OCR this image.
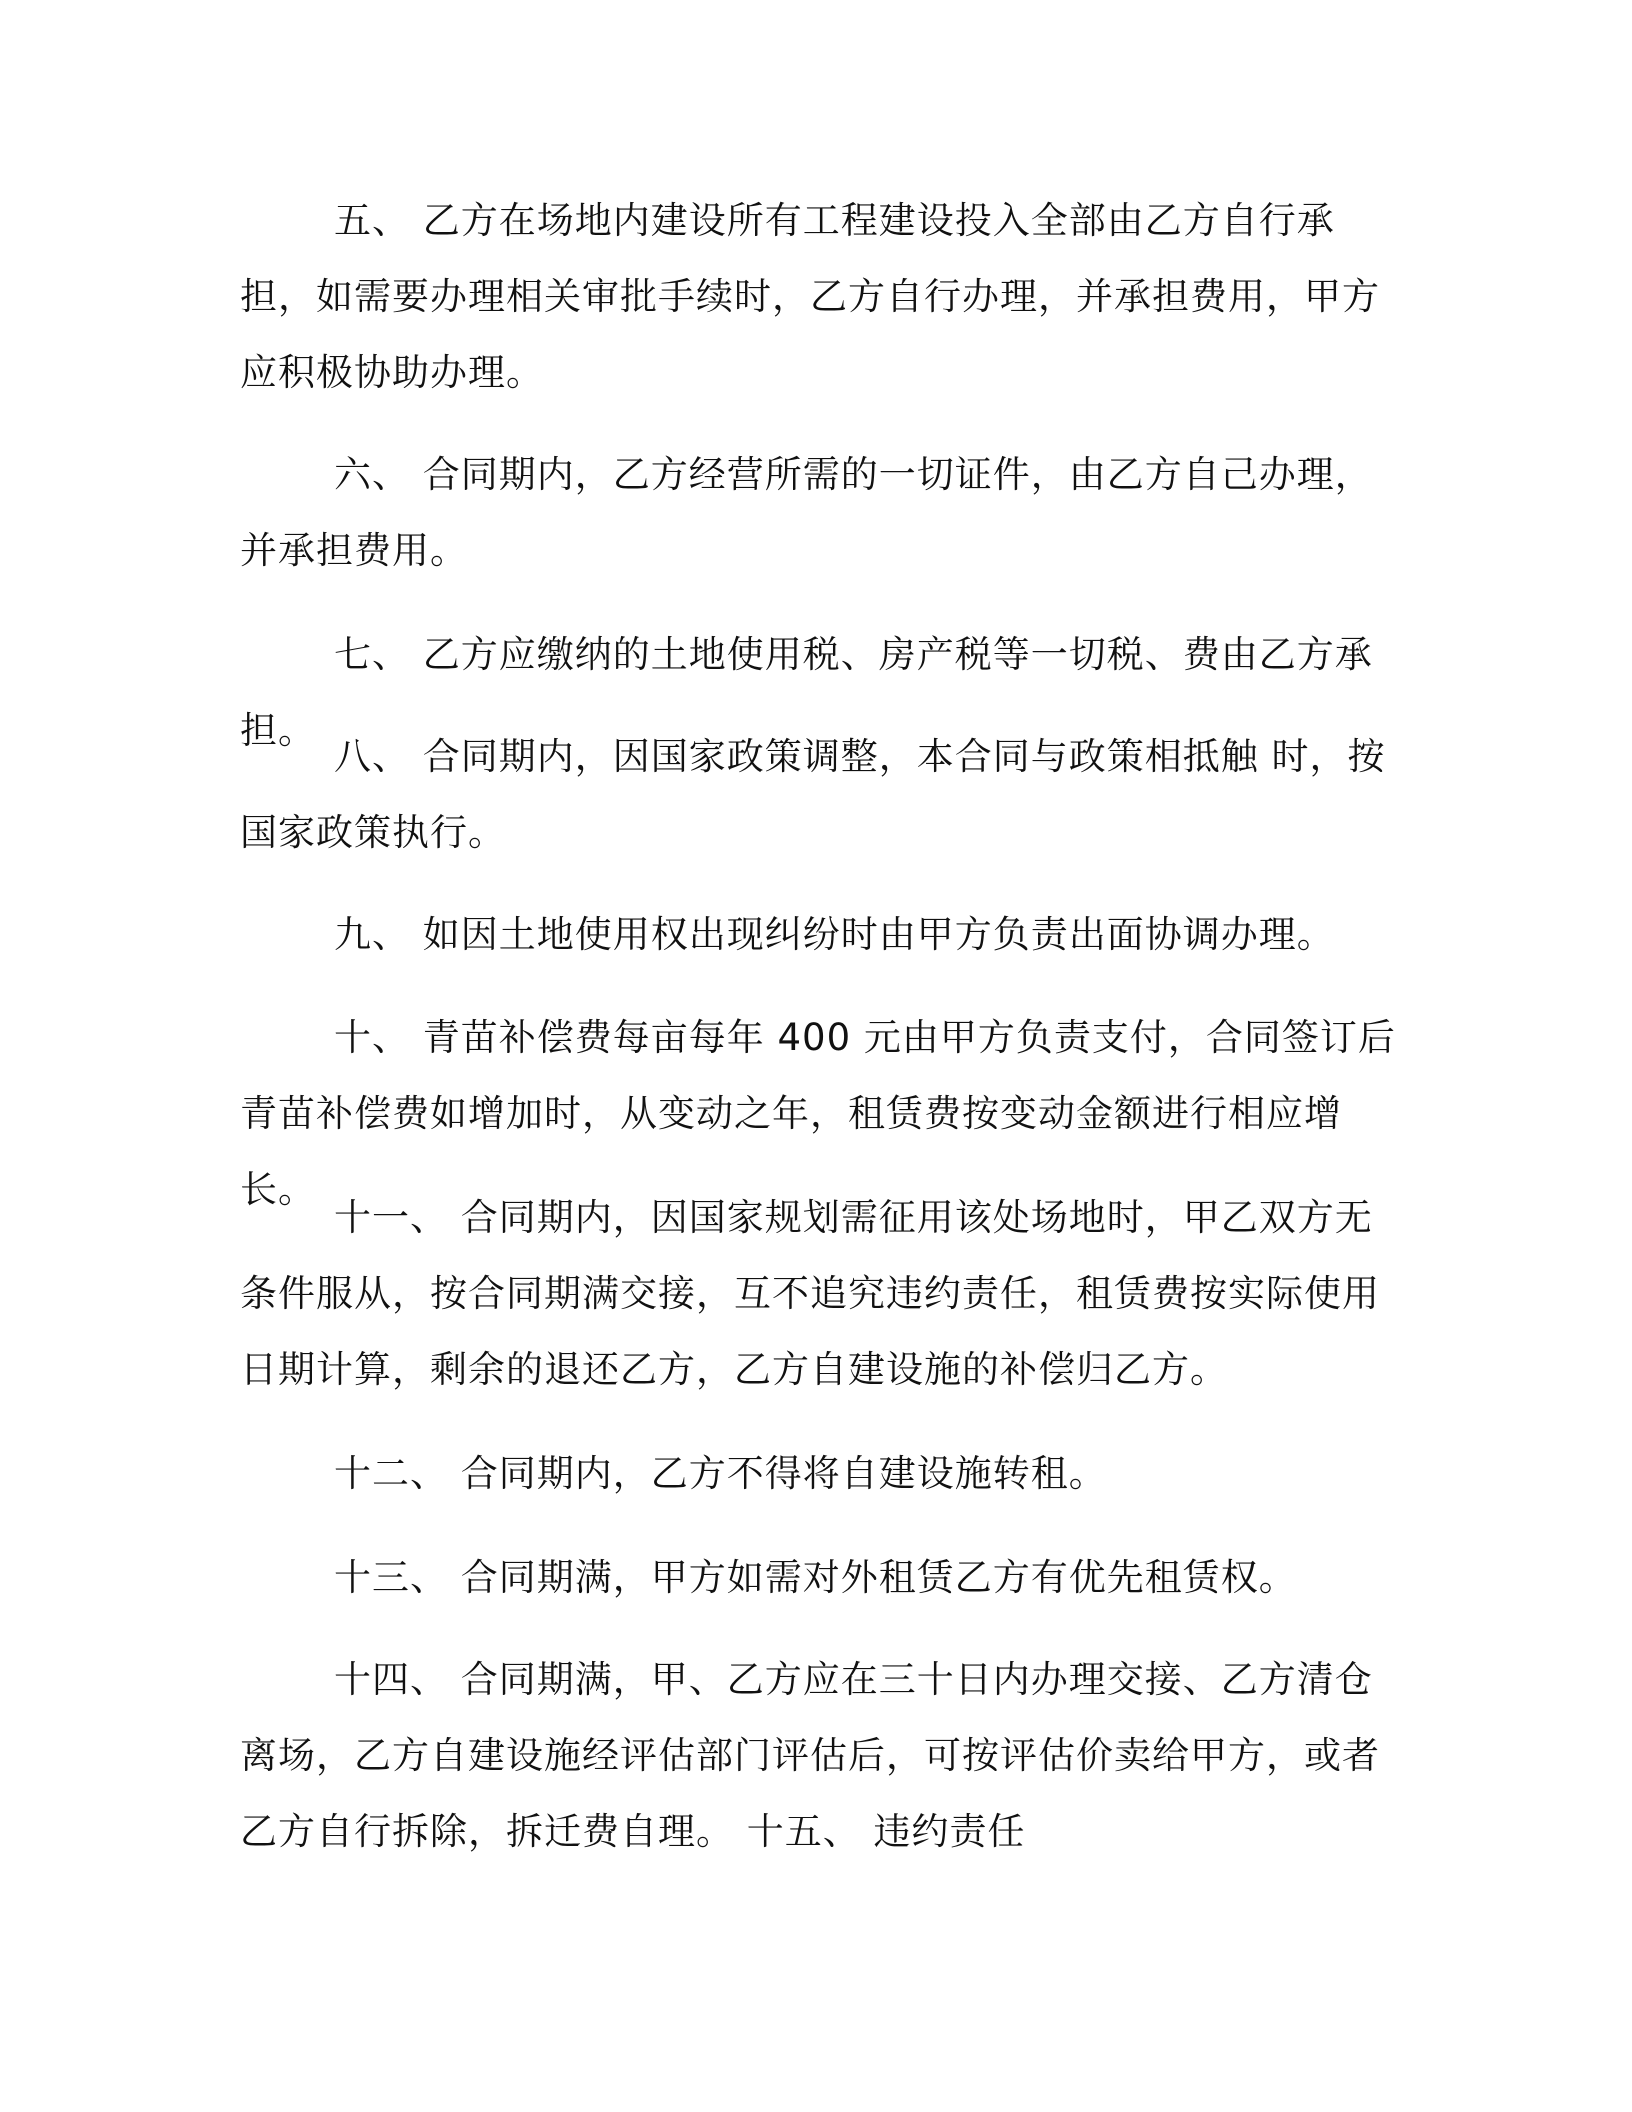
五、 乙方在场地内建设所有工程建设投入全部由乙方自行承担，如需要办理相关审批手续时，乙方自行办理，并承担费用，甲方应积极协助办理。

六、 合同期内，乙方经营所需的一切证件，由乙方自己办理，并承担费用。

七、 乙方应缴纳的土地使用税、房产税等一切税、费由乙方承担。

八、 合同期内，因国家政策调整，本合同与政策相抵触 时，按国家政策执行。

九、 如因土地使用权出现纠纷时由甲方负责出面协调办理。

十、 青苗补偿费每亩每年 400 元由甲方负责支付，合同签订后青苗补偿费如增加时，从变动之年，租赁费按变动金额进行相应增长。

十一、 合同期内，因国家规划需征用该处场地时，甲乙双方无条件服从，按合同期满交接，互不追究违约责任，租赁费按实际使用日期计算，剩余的退还乙方，乙方自建设施的补偿归乙方。

十二、 合同期内，乙方不得将自建设施转租。

十三、 合同期满，甲方如需对外租赁乙方有优先租赁权。

十四、 合同期满，甲、乙方应在三十日内办理交接、乙方清仓离场，乙方自建设施经评估部门评估后，可按评估价卖给甲方，或者乙方自行拆除，拆迁费自理。 十五、 违约责任
